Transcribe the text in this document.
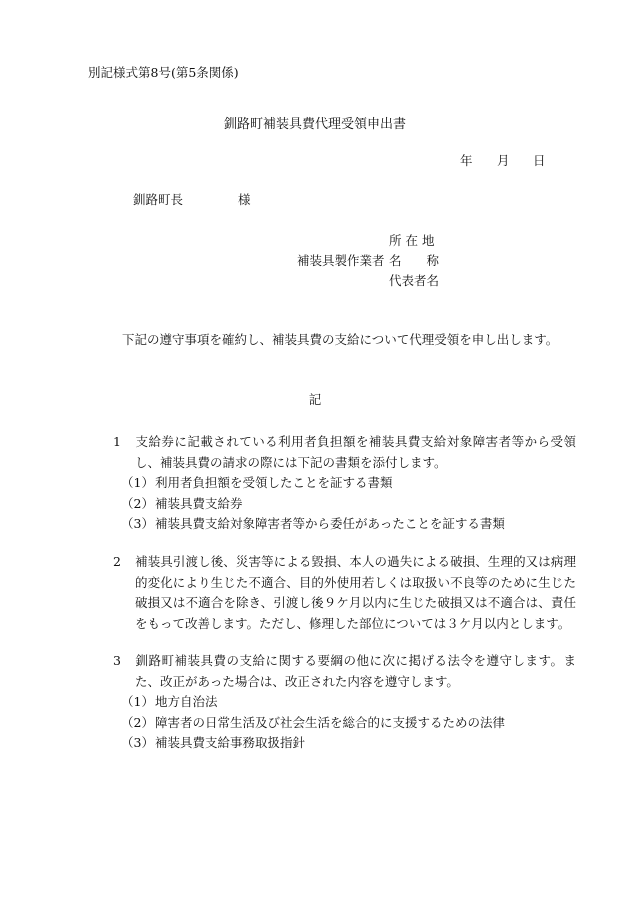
別記様式第8号(第5条関係)
釧路町補装具費代理受領申出書
年 月 日
釧路町長	様
補装具製作業者
所 在 地
名　　称
代表者名
下記の遵守事項を確約し、補装具費の支給について代理受領を申し出します。
記
1 支給券に記載されている利用者負担額を補装具費支給対象障害者等から受領し、補装具費の請求の際には下記の書類を添付します。
（1）利用者負担額を受領したことを証する書類
（2）補装具費支給券
（3）補装具費支給対象障害者等から委任があったことを証する書類
2 補装具引渡し後、災害等による毀損、本人の過失による破損、生理的又は病理的変化により生じた不適合、目的外使用若しくは取扱い不良等のために生じた破損又は不適合を除き、引渡し後９ケ月以内に生じた破損又は不適合は、責任をもって改善します。ただし、修理した部位については３ケ月以内とします。
3 釧路町補装具費の支給に関する要綱の他に次に掲げる法令を遵守します。また、改正があった場合は、改正された内容を遵守します。
（1）地方自治法
（2）障害者の日常生活及び社会生活を総合的に支援するための法律
（3）補装具費支給事務取扱指針
